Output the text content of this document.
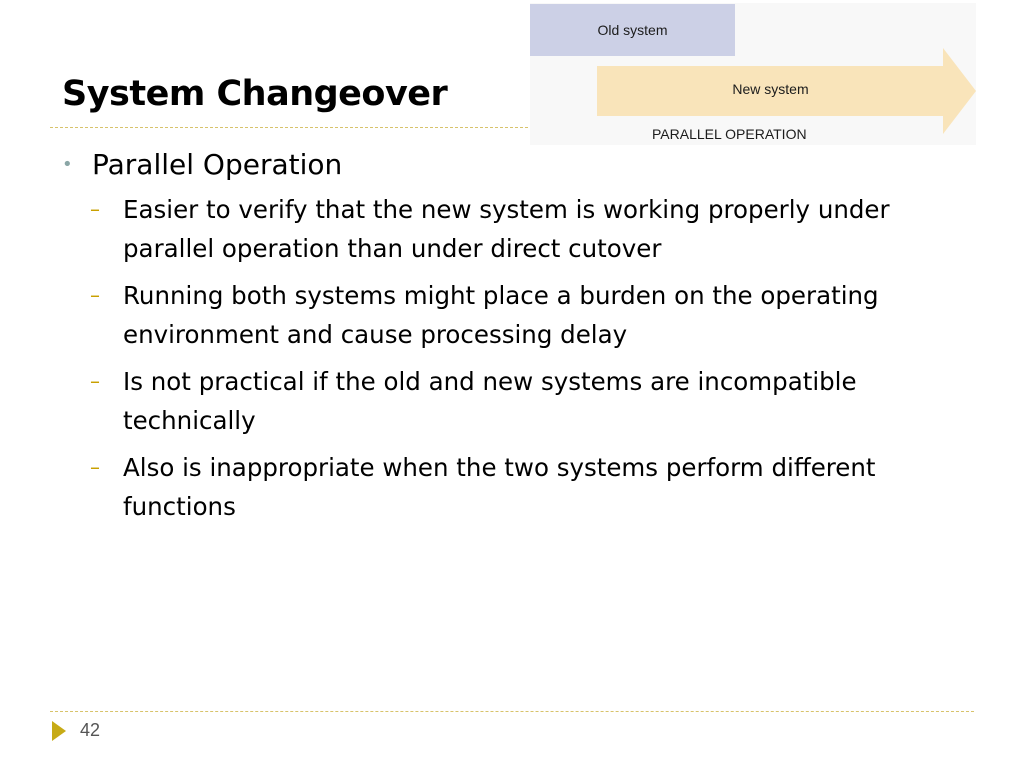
System Changeover
Old system
New system
PARALLEL OPERATION
• Parallel Operation
– Easier to verify that the new system is working properly under parallel operation than under direct cutover
– Running both systems might place a burden on the operating environment and cause processing delay
– Is not practical if the old and new systems are incompatible technically
– Also is inappropriate when the two systems perform different functions
42
